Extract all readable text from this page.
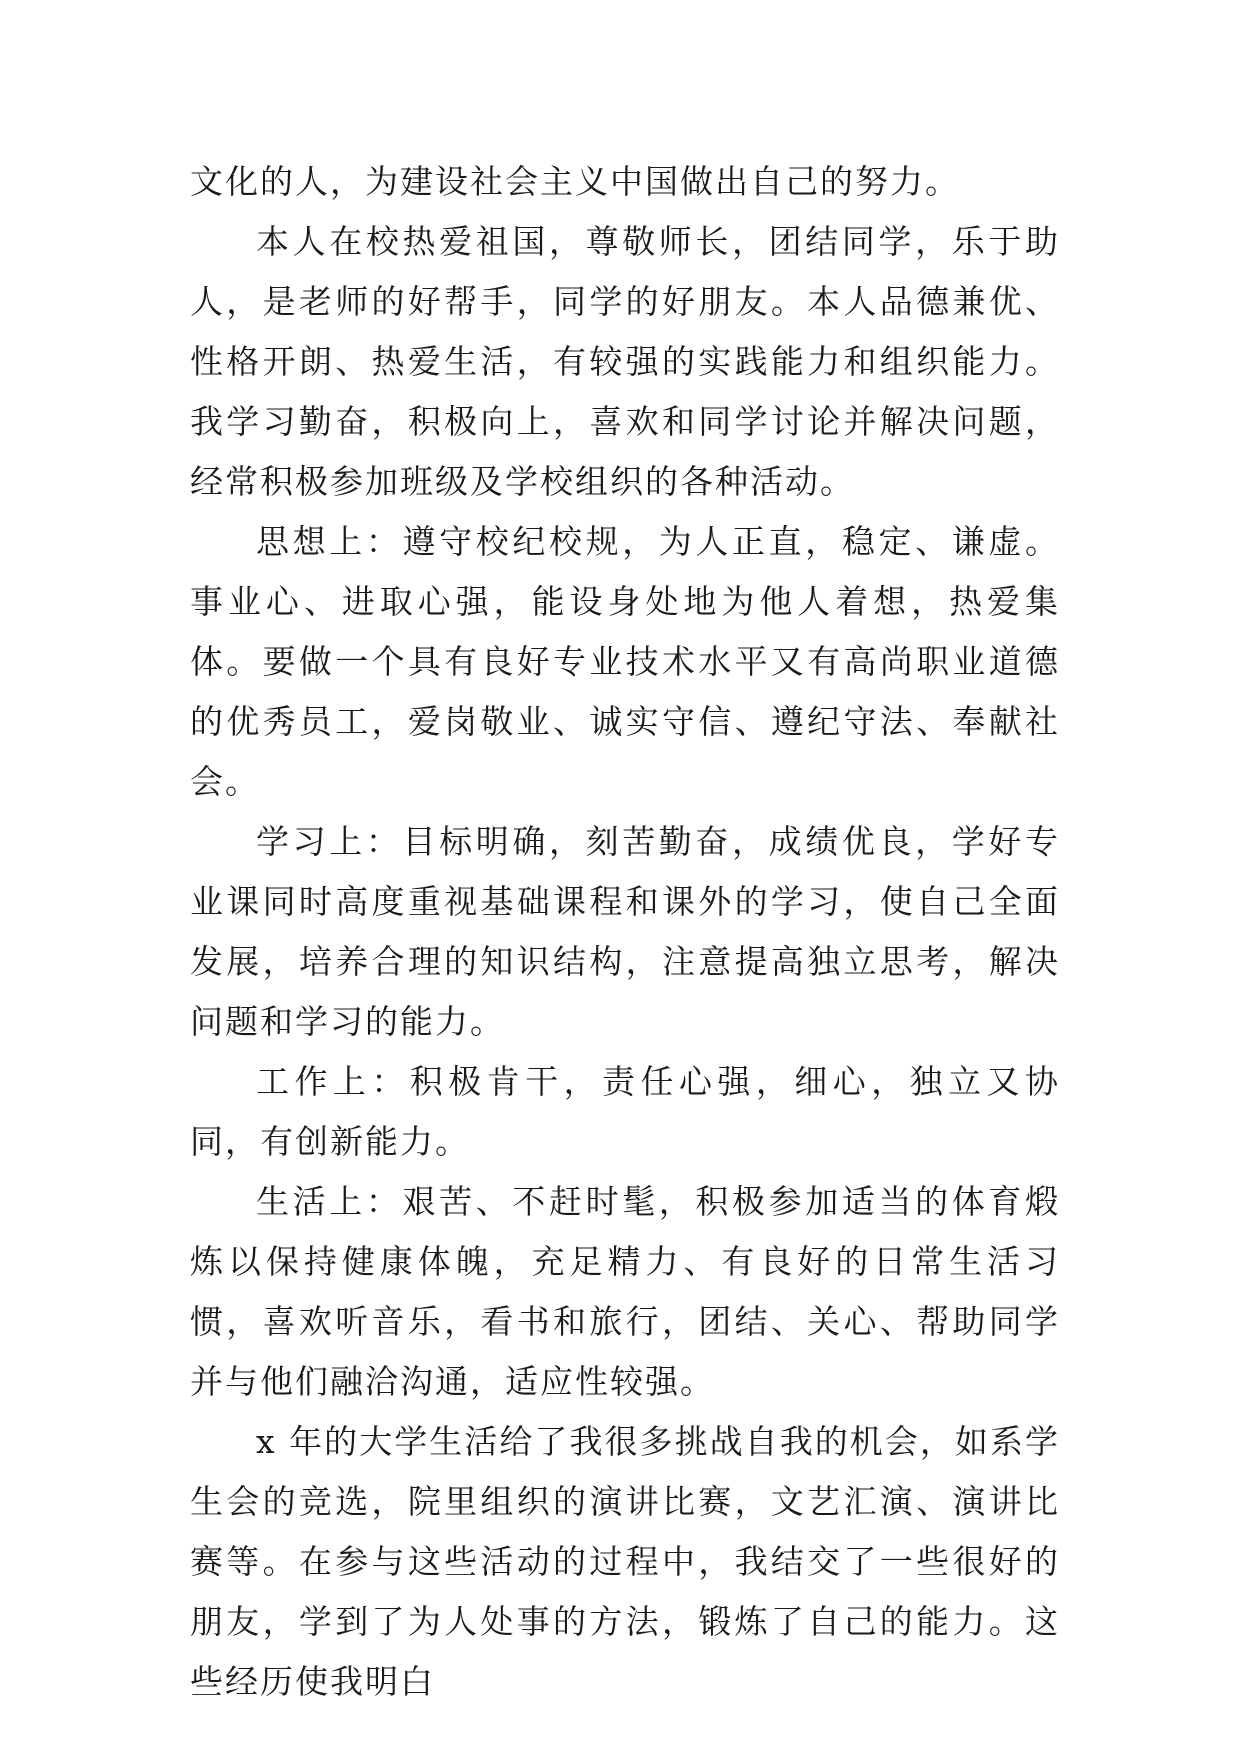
文化的人，为建设社会主义中国做出自己的努力。

本人在校热爱祖国，尊敬师长，团结同学，乐于助人，是老师的好帮手，同学的好朋友。本人品德兼优、性格开朗、热爱生活，有较强的实践能力和组织能力。我学习勤奋，积极向上，喜欢和同学讨论并解决问题，经常积极参加班级及学校组织的各种活动。

思想上：遵守校纪校规，为人正直，稳定、谦虚。事业心、进取心强，能设身处地为他人着想，热爱集体。要做一个具有良好专业技术水平又有高尚职业道德的优秀员工，爱岗敬业、诚实守信、遵纪守法、奉献社会。

学习上：目标明确，刻苦勤奋，成绩优良，学好专业课同时高度重视基础课程和课外的学习，使自己全面发展，培养合理的知识结构，注意提高独立思考，解决问题和学习的能力。

工作上：积极肯干，责任心强，细心，独立又协同，有创新能力。

生活上：艰苦、不赶时髦，积极参加适当的体育煅炼以保持健康体魄，充足精力、有良好的日常生活习惯，喜欢听音乐，看书和旅行，团结、关心、帮助同学并与他们融洽沟通，适应性较强。

x 年的大学生活给了我很多挑战自我的机会，如系学生会的竞选，院里组织的演讲比赛，文艺汇演、演讲比赛等。在参与这些活动的过程中，我结交了一些很好的朋友，学到了为人处事的方法，锻炼了自己的能力。这些经历使我明白
